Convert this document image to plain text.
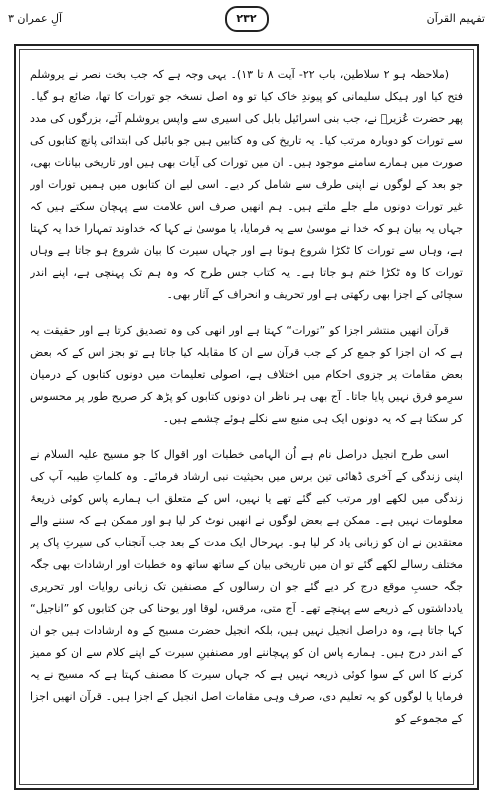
آلِ عمران ۳	۲۳۲	تفہیم القرآن

(ملاحظہ ہو ۲ سلاطین، باب ۲۲- آیت ۸ تا ۱۳)۔ یہی وجہ ہے کہ جب بخت نصر نے یروشلم فتح کیا اور ہیکل سلیمانی کو پیوندِ خاک کیا تو وہ اصل نسخہ جو تورات کا تھا، ضائع ہو گیا۔ پھر حضرت عُزیرؑ نے، جب بنی اسرائیل بابل کی اسیری سے واپس یروشلم آئے، بزرگوں کی مدد سے تورات کو دوبارہ مرتب کیا۔ یہ تاریخ کی وہ کتابیں ہیں جو بائبل کی ابتدائی پانچ کتابوں کی صورت میں ہمارے سامنے موجود ہیں۔ ان میں تورات کی آیات بھی ہیں اور تاریخی بیانات بھی، جو بعد کے لوگوں نے اپنی طرف سے شامل کر دیے۔ اسی لیے ان کتابوں میں ہمیں تورات اور غیر تورات دونوں ملے جلے ملتے ہیں۔ ہم انھیں صرف اس علامت سے پہچان سکتے ہیں کہ جہاں یہ بیان ہو کہ خدا نے موسیٰ سے یہ فرمایا، یا موسیٰ نے کہا کہ خداوند تمہارا خدا یہ کہتا ہے، وہاں سے تورات کا ٹکڑا شروع ہوتا ہے اور جہاں سیرت کا بیان شروع ہو جاتا ہے وہاں تورات کا وہ ٹکڑا ختم ہو جاتا ہے۔ یہ کتاب جس طرح کہ وہ ہم تک پہنچی ہے، اپنے اندر سچائی کے اجزا بھی رکھتی ہے اور تحریف و انحراف کے آثار بھی۔

قرآن انھیں منتشر اجزا کو ”تورات“ کہتا ہے اور انھی کی وہ تصدیق کرتا ہے اور حقیقت یہ ہے کہ ان اجزا کو جمع کر کے جب قرآن سے ان کا مقابلہ کیا جاتا ہے تو بجز اس کے کہ بعض بعض مقامات پر جزوی احکام میں اختلاف ہے، اصولی تعلیمات میں دونوں کتابوں کے درمیان سرِمو فرق نہیں پایا جاتا۔ آج بھی ہر ناظر ان دونوں کتابوں کو پڑھ کر صریح طور پر محسوس کر سکتا ہے کہ یہ دونوں ایک ہی منبع سے نکلے ہوئے چشمے ہیں۔

اسی طرح انجیل دراصل نام ہے اُن الہامی خطبات اور اقوال کا جو مسیح علیہ السلام نے اپنی زندگی کے آخری ڈھائی تین برس میں بحیثیت نبی ارشاد فرمائے۔ وہ کلماتِ طیبہ آپ کی زندگی میں لکھے اور مرتب کیے گئے تھے یا نہیں، اس کے متعلق اب ہمارے پاس کوئی ذریعۂ معلومات نہیں ہے۔ ممکن ہے بعض لوگوں نے انھیں نوٹ کر لیا ہو اور ممکن ہے کہ سننے والے معتقدین نے ان کو زبانی یاد کر لیا ہو۔ بہرحال ایک مدت کے بعد جب آنجناب کی سیرتِ پاک پر مختلف رسالے لکھے گئے تو ان میں تاریخی بیان کے ساتھ ساتھ وہ خطبات اور ارشادات بھی جگہ جگہ حسبِ موقع درج کر دیے گئے جو ان رسالوں کے مصنفین تک زبانی روایات اور تحریری یادداشتوں کے ذریعے سے پہنچے تھے۔ آج متی، مرقس، لوقا اور یوحنا کی جن کتابوں کو ”اناجیل“ کہا جاتا ہے، وہ دراصل انجیل نہیں ہیں، بلکہ انجیل حضرت مسیح کے وہ ارشادات ہیں جو ان کے اندر درج ہیں۔ ہمارے پاس ان کو پہچاننے اور مصنفینِ سیرت کے اپنے کلام سے ان کو ممیز کرنے کا اس کے سوا کوئی ذریعہ نہیں ہے کہ جہاں سیرت کا مصنف کہتا ہے کہ مسیح نے یہ فرمایا یا لوگوں کو یہ تعلیم دی، صرف وہی مقامات اصل انجیل کے اجزا ہیں۔ قرآن انھیں اجزا کے مجموعے کو
